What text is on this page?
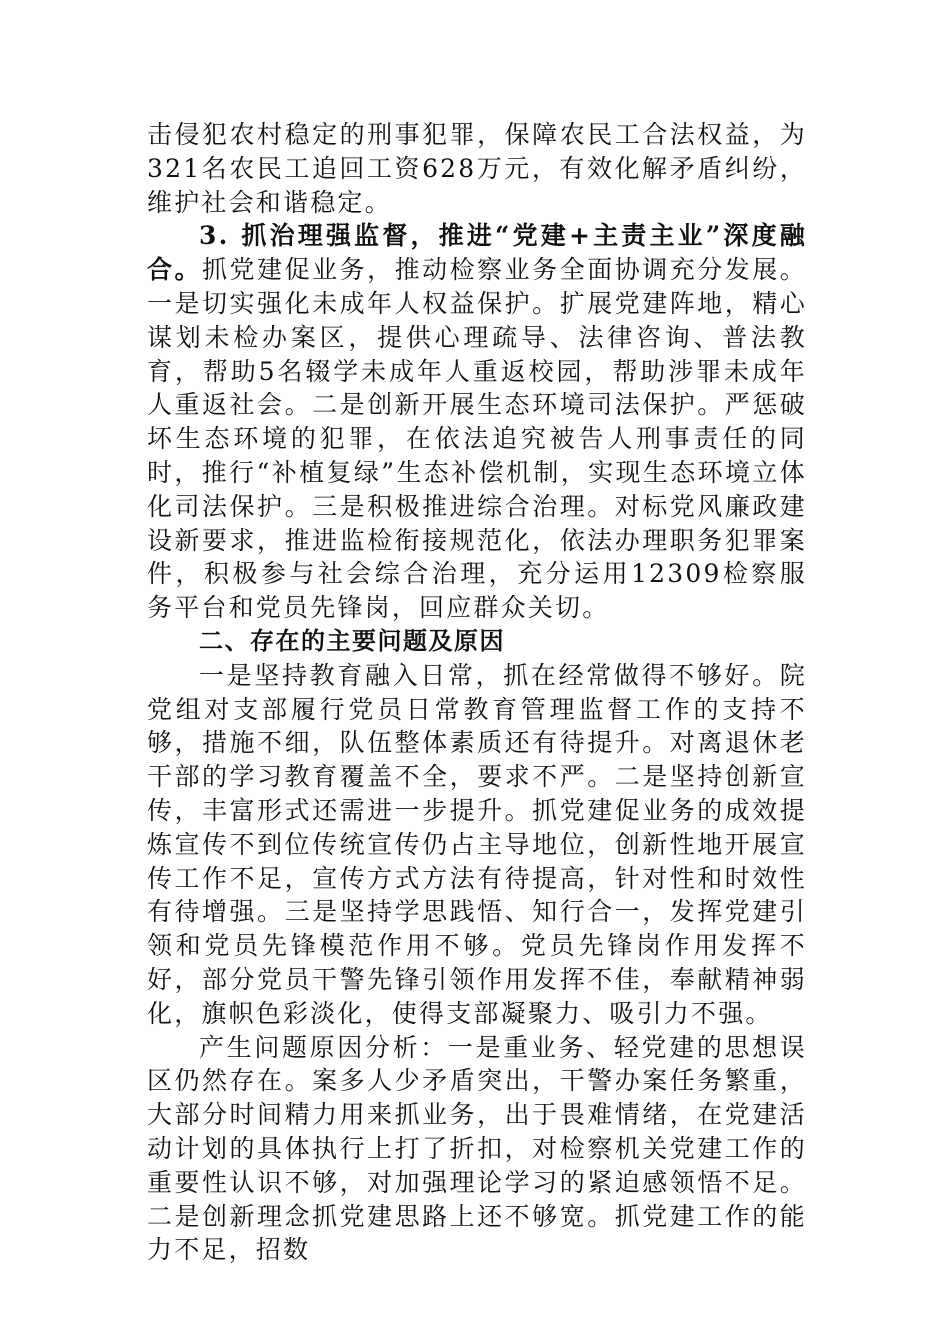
击侵犯农村稳定的刑事犯罪，保障农民工合法权益，为321名农民工追回工资628万元，有效化解矛盾纠纷，维护社会和谐稳定。

3. 抓治理强监督，推进“党建+主责主业”深度融合。抓党建促业务，推动检察业务全面协调充分发展。一是切实强化未成年人权益保护。扩展党建阵地，精心谋划未检办案区，提供心理疏导、法律咨询、普法教育，帮助5名辍学未成年人重返校园，帮助涉罪未成年人重返社会。二是创新开展生态环境司法保护。严惩破坏生态环境的犯罪，在依法追究被告人刑事责任的同时，推行“补植复绿”生态补偿机制，实现生态环境立体化司法保护。三是积极推进综合治理。对标党风廉政建设新要求，推进监检衔接规范化，依法办理职务犯罪案件，积极参与社会综合治理，充分运用12309检察服务平台和党员先锋岗，回应群众关切。

二、存在的主要问题及原因

一是坚持教育融入日常，抓在经常做得不够好。院党组对支部履行党员日常教育管理监督工作的支持不够，措施不细，队伍整体素质还有待提升。对离退休老干部的学习教育覆盖不全，要求不严。二是坚持创新宣传，丰富形式还需进一步提升。抓党建促业务的成效提炼宣传不到位传统宣传仍占主导地位，创新性地开展宣传工作不足，宣传方式方法有待提高，针对性和时效性有待增强。三是坚持学思践悟、知行合一，发挥党建引领和党员先锋模范作用不够。党员先锋岗作用发挥不好，部分党员干警先锋引领作用发挥不佳，奉献精神弱化，旗帜色彩淡化，使得支部凝聚力、吸引力不强。

产生问题原因分析：一是重业务、轻党建的思想误区仍然存在。案多人少矛盾突出，干警办案任务繁重，大部分时间精力用来抓业务，出于畏难情绪，在党建活动计划的具体执行上打了折扣，对检察机关党建工作的重要性认识不够，对加强理论学习的紧迫感领悟不足。二是创新理念抓党建思路上还不够宽。抓党建工作的能力不足，招数
